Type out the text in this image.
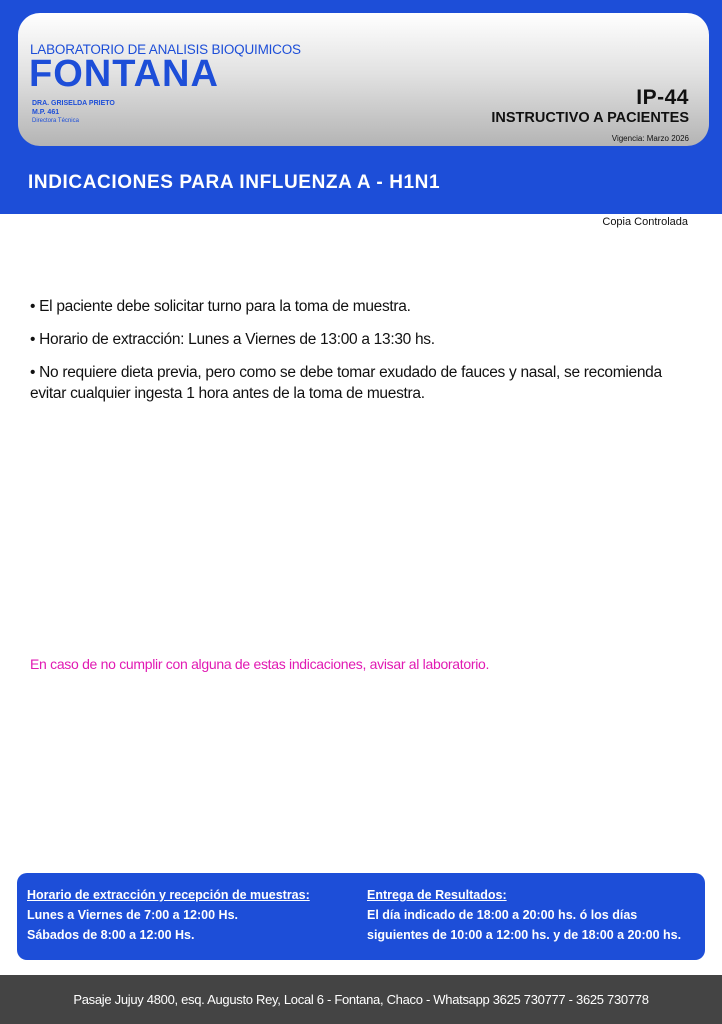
LABORATORIO DE ANALISIS BIOQUIMICOS
FONTANA
DRA. GRISELDA PRIETO
M.P. 461
Directora Técnica
IP-44
INSTRUCTIVO A PACIENTES
Vigencia: Marzo 2026
INDICACIONES PARA INFLUENZA A - H1N1
Copia Controlada
• El paciente debe solicitar turno para la toma de muestra.
• Horario de extracción: Lunes a Viernes de 13:00 a 13:30 hs.
• No requiere dieta previa, pero como se debe tomar exudado de fauces y nasal, se recomienda evitar cualquier ingesta 1 hora antes de la toma de muestra.
En caso de no cumplir con alguna de estas indicaciones, avisar al laboratorio.
Horario de extracción y recepción de muestras:
Lunes a Viernes de 7:00 a 12:00 Hs.
Sábados de 8:00 a 12:00 Hs.
Entrega de Resultados:
El día indicado de 18:00 a 20:00 hs. ó los días
siguientes de 10:00 a 12:00 hs. y de 18:00 a 20:00 hs.
Pasaje Jujuy 4800, esq. Augusto Rey, Local 6 - Fontana, Chaco - Whatsapp 3625 730777 - 3625 730778
